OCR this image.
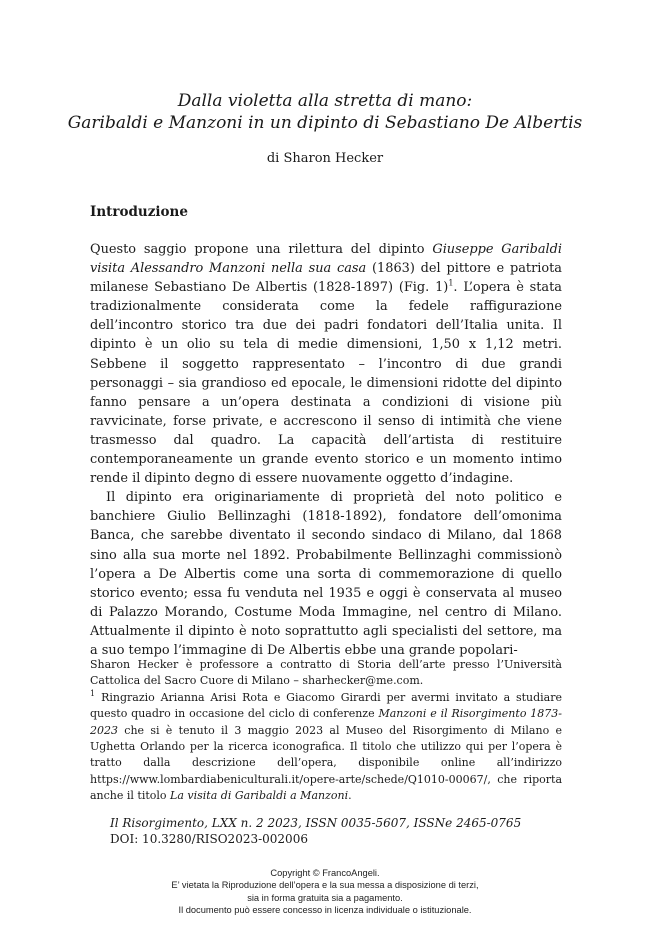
Dalla violetta alla stretta di mano:
Garibaldi e Manzoni in un dipinto di Sebastiano De Albertis
di Sharon Hecker
Introduzione

Questo saggio propone una rilettura del dipinto Giuseppe Garibaldi visita Alessandro Manzoni nella sua casa (1863) del pittore e patriota milanese Sebastiano De Albertis (1828-1897) (Fig. 1)$^1$. L’opera è stata tradizionalmente considerata come la fedele raffigurazione dell’incontro storico tra due dei padri fondatori dell’Italia unita. Il dipinto è un olio su tela di medie dimensioni, 1,50 x 1,12 metri. Sebbene il soggetto rappresentato – l’incontro di due grandi personaggi – sia grandioso ed epocale, le dimensioni ridotte del dipinto fanno pensare a un’opera destinata a condizioni di visione più ravvicinate, forse private, e accrescono il senso di intimità che viene trasmesso dal quadro. La capacità dell’artista di restituire contemporaneamente un grande evento storico e un momento intimo rende il dipinto degno di essere nuovamente oggetto d’indagine.

Il dipinto era originariamente di proprietà del noto politico e banchiere Giulio Bellinzaghi (1818-1892), fondatore dell’omonima Banca, che sarebbe diventato il secondo sindaco di Milano, dal 1868 sino alla sua morte nel 1892. Probabilmente Bellinzaghi commissionò l’opera a De Albertis come una sorta di commemorazione di quello storico evento; essa fu venduta nel 1935 e oggi è conservata al museo di Palazzo Morando, Costume Moda Immagine, nel centro di Milano. Attualmente il dipinto è noto soprattutto agli specialisti del settore, ma a suo tempo l’immagine di De Albertis ebbe una grande popolari-

Sharon Hecker è professore a contratto di Storia dell’arte presso l’Università Cattolica del Sacro Cuore di Milano – sharhecker@me.com.

$^1$ Ringrazio Arianna Arisi Rota e Giacomo Girardi per avermi invitato a studiare questo quadro in occasione del ciclo di conferenze Manzoni e il Risorgimento 1873-2023 che si è tenuto il 3 maggio 2023 al Museo del Risorgimento di Milano e Ughetta Orlando per la ricerca iconografica. Il titolo che utilizzo qui per l’opera è tratto dalla descrizione dell’opera, disponibile online all’indirizzo https://www.lombardiabeniculturali.it/opere-arte/schede/Q1010-00067/, che riporta anche il titolo La visita di Garibaldi a Manzoni.

Il Risorgimento, LXX n. 2 2023, ISSN 0035-5607, ISSNe 2465-0765
DOI: 10.3280/RISO2023-002006
Copyright © FrancoAngeli.
E’ vietata la Riproduzione dell’opera e la sua messa a disposizione di terzi,
sia in forma gratuita sia a pagamento.
Il documento può essere concesso in licenza individuale o istituzionale.
